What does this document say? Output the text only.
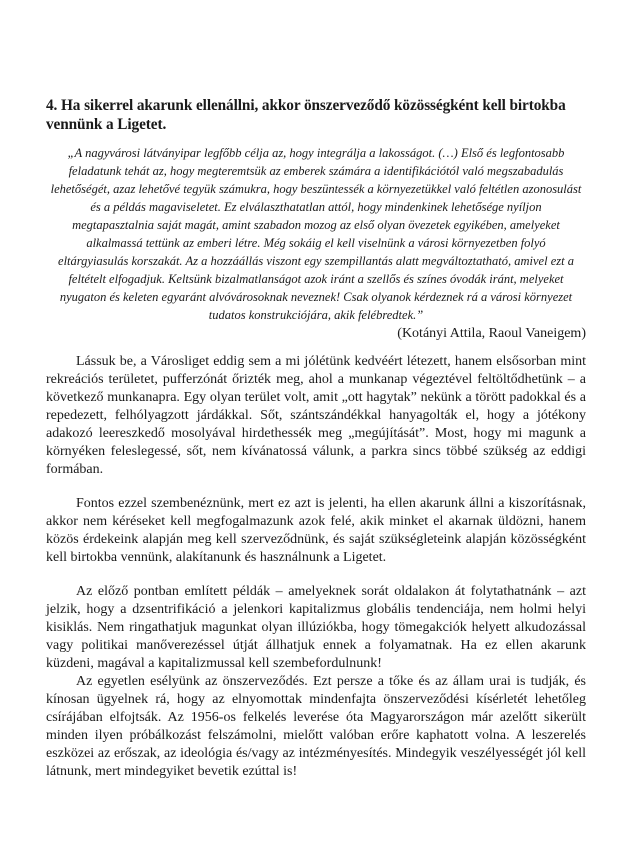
4. Ha sikerrel akarunk ellenállni, akkor önszerveződő közösségként kell birtokba vennünk a Ligetet.

„A nagyvárosi látványipar legfőbb célja az, hogy integrálja a lakosságot. (…) Első és legfontosabb feladatunk tehát az, hogy megteremtsük az emberek számára a identifikációtól való megszabadulás lehetőségét, azaz lehetővé tegyük számukra, hogy beszüntessék a környezetükkel való feltétlen azonosulást és a példás magaviseletet. Ez elválaszthatatlan attól, hogy mindenkinek lehetősége nyíljon megtapasztalnia saját magát, amint szabadon mozog az első olyan övezetek egyikében, amelyeket alkalmassá tettünk az emberi létre. Még sokáig el kell viselnünk a városi környezetben folyó eltárgyiasulás korszakát. Az a hozzáállás viszont egy szempillantás alatt megváltoztatható, amivel ezt a feltételt elfogadjuk. Keltsünk bizalmatlanságot azok iránt a szellős és színes óvodák iránt, melyeket nyugaton és keleten egyaránt alvóvárosoknak neveznek! Csak olyanok kérdeznek rá a városi környezet tudatos konstrukciójára, akik felébredtek.”

(Kotányi Attila, Raoul Vaneigem)

Lássuk be, a Városliget eddig sem a mi jólétünk kedvéért létezett, hanem elsősorban mint rekreációs területet, pufferzónát őrizték meg, ahol a munkanap végeztével feltöltődhetünk – a következő munkanapra. Egy olyan terület volt, amit „ott hagytak” nekünk a törött padokkal és a repedezett, felhólyagzott járdákkal. Sőt, szántszándékkal hanyagolták el, hogy a jótékony adakozó leereszkedő mosolyával hirdethessék meg „megújítását”. Most, hogy mi magunk a környéken feleslegessé, sőt, nem kívánatossá válunk, a parkra sincs többé szükség az eddigi formában.

Fontos ezzel szembenéznünk, mert ez azt is jelenti, ha ellen akarunk állni a kiszorításnak, akkor nem kéréseket kell megfogalmazunk azok felé, akik minket el akarnak üldözni, hanem közös érdekeink alapján meg kell szerveződnünk, és saját szükségleteink alapján közösségként kell birtokba vennünk, alakítanunk és használnunk a Ligetet.

Az előző pontban említett példák – amelyeknek sorát oldalakon át folytathatnánk – azt jelzik, hogy a dzsentrifikáció a jelenkori kapitalizmus globális tendenciája, nem holmi helyi kisiklás. Nem ringathatjuk magunkat olyan illúziókba, hogy tömegakciók helyett alkudozással vagy politikai manőverezéssel útját állhatjuk ennek a folyamatnak. Ha ez ellen akarunk küzdeni, magával a kapitalizmussal kell szembefordulnunk!

Az egyetlen esélyünk az önszerveződés. Ezt persze a tőke és az állam urai is tudják, és kínosan ügyelnek rá, hogy az elnyomottak mindenfajta önszerveződési kísérletét lehetőleg csírájában elfojtsák. Az 1956-os felkelés leverése óta Magyarországon már azelőtt sikerült minden ilyen próbálkozást felszámolni, mielőtt valóban erőre kaphatott volna. A leszerelés eszközei az erőszak, az ideológia és/vagy az intézményesítés. Mindegyik veszélyességét jól kell látnunk, mert mindegyiket bevetik ezúttal is!
